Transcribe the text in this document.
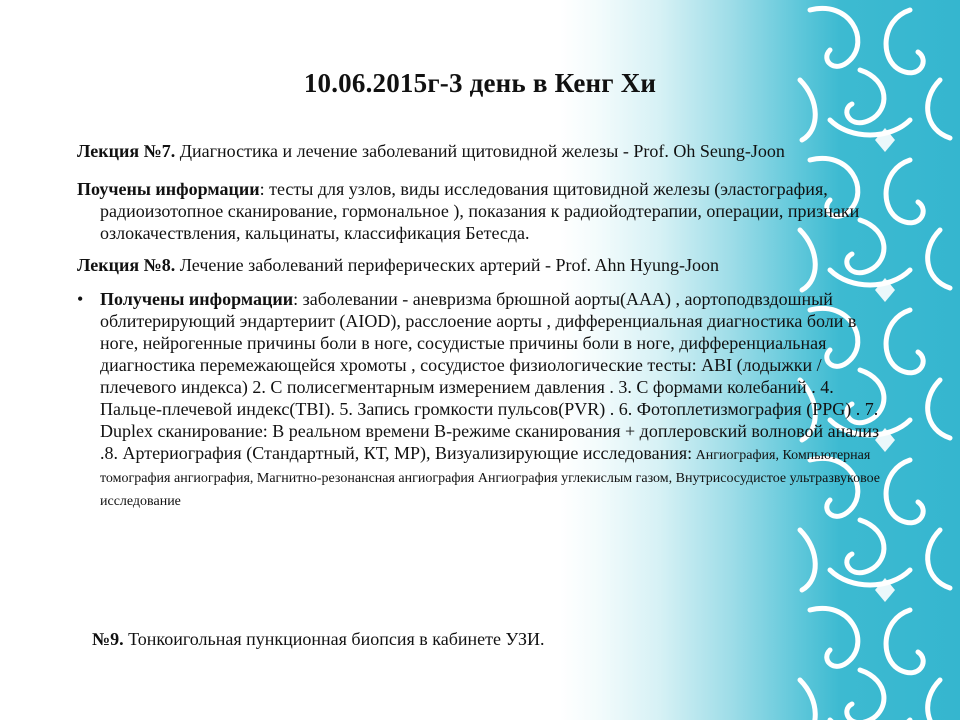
10.06.2015г-3 день в Кенг Хи

Лекция №7. Диагностика и лечение заболеваний щитовидной железы - Prof. Oh Seung-Joon

Поучены информации: тесты для узлов, виды исследования щитовидной железы (эластография, радиоизотопное сканирование, гормональное ), показания к радиойодтерапии, операции, признаки озлокачествления, кальцинаты, классификация Бетесда.

Лекция №8. Лечение заболеваний периферических артерий - Prof. Ahn Hyung-Joon

• Получены информации: заболевании - аневризма брюшной аорты(ААА) , аортоподвздошный облитерирующий эндартериит (AIOD), расслоение аорты , дифференциальная диагностика боли в ноге, нейрогенные причины боли в ноге, сосудистые причины боли в ноге, дифференциальная диагностика перемежающейся хромоты , сосудистое физиологические тесты: ABI (лодыжки / плечевого индекса) 2. С полисегментарным измерением давления . 3. С формами колебаний . 4. Пальце-плечевой индекс(TBI). 5. Запись громкости пульсов(PVR) . 6. Фотоплетизмография (PPG) . 7. Duplex сканирование: В реальном времени В-режиме сканирования + доплеровский волновой анализ .8. Артериография (Стандартный, КТ, МР), Визуализирующие исследования: Ангиография, Компьютерная томография ангиография, Магнитно-резонансная ангиография Ангиография углекислым газом, Внутрисосудистое ультразвуковое исследование
№9. Тонкоигольная пункционная биопсия в кабинете УЗИ.
